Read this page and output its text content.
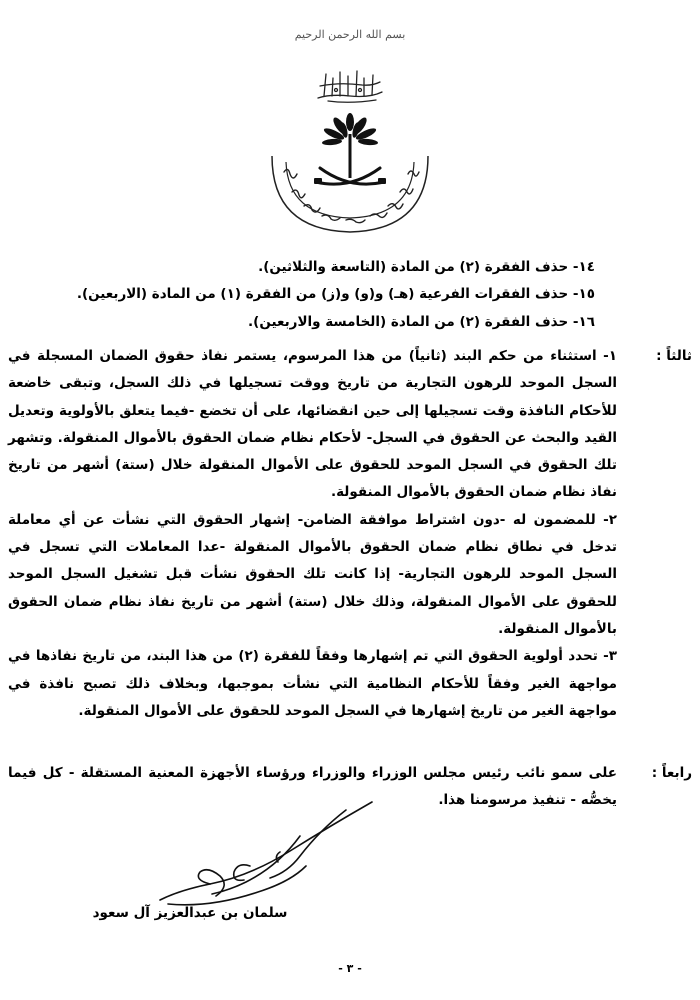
بسم الله الرحمن الرحيم
١٤- حذف الفقرة (٢) من المادة (التاسعة والثلاثين).
١٥- حذف الفقرات الفرعية (هـ) و(و) و(ز) من الفقرة (١) من المادة (الاربعين).
١٦- حذف الفقرة (٢) من المادة (الخامسة والاربعين).
ثالثاً :

١- استثناء من حكم البند (ثانياً) من هذا المرسوم، يستمر نفاذ حقوق الضمان المسجلة في السجل الموحد للرهون التجارية من تاريخ ووقت تسجيلها في ذلك السجل، وتبقى خاضعة للأحكام النافذة وقت تسجيلها إلى حين انقضائها، على أن تخضع -فيما يتعلق بالأولوية وتعديل القيد والبحث عن الحقوق في السجل- لأحكام نظام ضمان الحقوق بالأموال المنقولة. وتشهر تلك الحقوق في السجل الموحد للحقوق على الأموال المنقولة خلال (ستة) أشهر من تاريخ نفاذ نظام ضمان الحقوق بالأموال المنقولة.

٢- للمضمون له -دون اشتراط موافقة الضامن- إشهار الحقوق التي نشأت عن أي معاملة تدخل في نطاق نظام ضمان الحقوق بالأموال المنقولة -عدا المعاملات التي تسجل في السجل الموحد للرهون التجارية- إذا كانت تلك الحقوق نشأت قبل تشغيل السجل الموحد للحقوق على الأموال المنقولة، وذلك خلال (ستة) أشهر من تاريخ نفاذ نظام ضمان الحقوق بالأموال المنقولة.

٣- تحدد أولوية الحقوق التي تم إشهارها وفقاً للفقرة (٢) من هذا البند، من تاريخ نفاذها في مواجهة الغير وفقاً للأحكام النظامية التي نشأت بموجبها، وبخلاف ذلك تصبح نافذة في مواجهة الغير من تاريخ إشهارها في السجل الموحد للحقوق على الأموال المنقولة.

رابعاً :

على سمو نائب رئيس مجلس الوزراء والوزراء ورؤساء الأجهزة المعنية المستقلة - كل فيما يخصُّه - تنفيذ مرسومنا هذا.

سلمان بن عبدالعزيز آل سعود
- ٣ -
